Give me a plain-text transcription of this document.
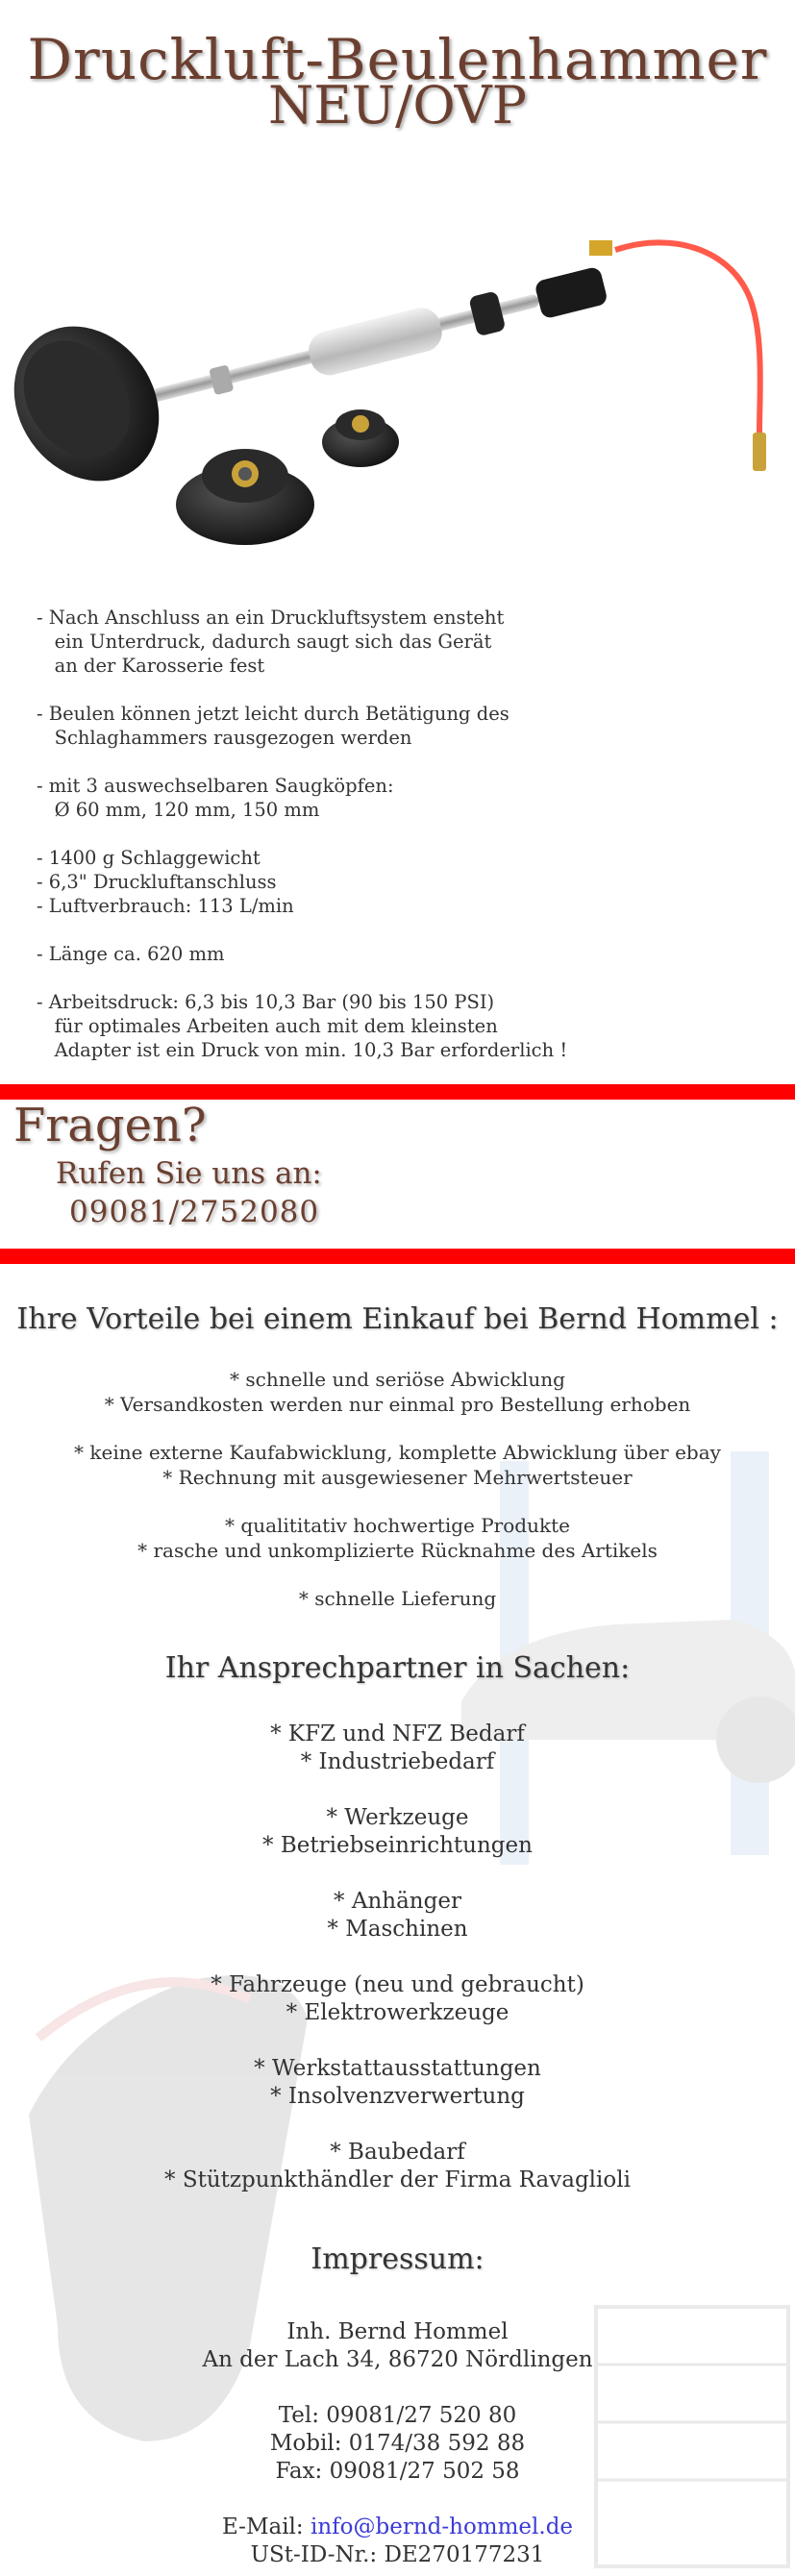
Druckluft-Beulenhammer
NEU/OVP
- Nach Anschluss an ein Druckluftsystem ensteht
ein Unterdruck, dadurch saugt sich das Gerät
an der Karosserie fest
- Beulen können jetzt leicht durch Betätigung des
Schlaghammers rausgezogen werden
- mit 3 auswechselbaren Saugköpfen:
Ø 60 mm, 120 mm, 150 mm
- 1400 g Schlaggewicht
- 6,3" Druckluftanschluss
- Luftverbrauch: 113 L/min
- Länge ca. 620 mm
- Arbeitsdruck: 6,3 bis 10,3 Bar (90 bis 150 PSI)
für optimales Arbeiten auch mit dem kleinsten
Adapter ist ein Druck von min. 10,3 Bar erforderlich !
Fragen?
Rufen Sie uns an:
09081/2752080
Ihre Vorteile bei einem Einkauf bei Bernd Hommel :
* schnelle und seriöse Abwicklung
* Versandkosten werden nur einmal pro Bestellung erhoben
* keine externe Kaufabwicklung, komplette Abwicklung über ebay
* Rechnung mit ausgewiesener Mehrwertsteuer
* qualititativ hochwertige Produkte
* rasche und unkomplizierte Rücknahme des Artikels
* schnelle Lieferung
Ihr Ansprechpartner in Sachen:
* KFZ und NFZ Bedarf
* Industriebedarf
* Werkzeuge
* Betriebseinrichtungen
* Anhänger
* Maschinen
* Fahrzeuge (neu und gebraucht)
* Elektrowerkzeuge
* Werkstattausstattungen
* Insolvenzverwertung
* Baubedarf
* Stützpunkthändler der Firma Ravaglioli
Impressum:
Inh. Bernd Hommel
An der Lach 34, 86720 Nördlingen
Tel: 09081/27 520 80
Mobil: 0174/38 592 88
Fax: 09081/27 502 58
E-Mail: info@bernd-hommel.de
USt-ID-Nr.: DE270177231
